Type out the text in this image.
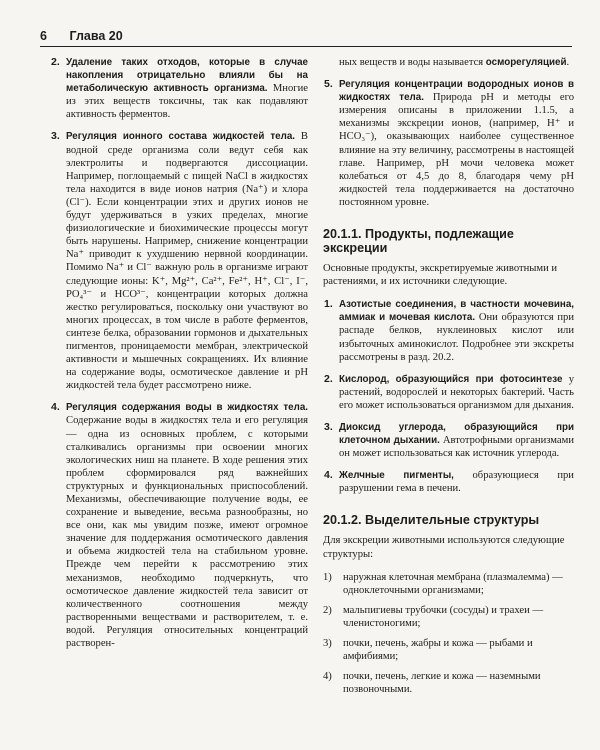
6 Глава 20
2. Удаление таких отходов, которые в случае накопления отрицательно влияли бы на метаболическую активность организма. Многие из этих веществ токсичны, так как подавляют активность ферментов.
3. Регуляция ионного состава жидкостей тела. В водной среде организма соли ведут себя как электролиты и подвергаются диссоциации. Например, поглощаемый с пищей NaCl в жидкостях тела находится в виде ионов натрия (Na⁺) и хлора (Cl⁻). Если концентрации этих и других ионов не будут удерживаться в узких пределах, многие физиологические и биохимические процессы могут быть нарушены. Например, снижение концентрации Na⁺ приводит к ухудшению нервной координации. Помимо Na⁺ и Cl⁻ важную роль в организме играют следующие ионы: K⁺, Mg²⁺, Ca²⁺, Fe²⁺, H⁺, Cl⁻, I⁻, PO₄³⁻ и HCO³⁻, концентрации которых должна жестко регулироваться, поскольку они участвуют во многих процессах, в том числе в работе ферментов, синтезе белка, образовании гормонов и дыхательных пигментов, проницаемости мембран, электрической активности и мышечных сокращениях. Их влияние на содержание воды, осмотическое давление и pH жидкостей тела будет рассмотрено ниже.
4. Регуляция содержания воды в жидкостях тела. Содержание воды в жидкостях тела и его регуляция — одна из основных проблем, с которыми сталкивались организмы при освоении многих экологических ниш на планете. В ходе решения этих проблем сформировался ряд важнейших структурных и функциональных приспособлений. Механизмы, обеспечивающие получение воды, ее сохранение и выведение, весьма разнообразны, но все они, как мы увидим позже, имеют огромное значение для поддержания осмотического давления и объема жидкостей тела на стабильном уровне. Прежде чем перейти к рассмотрению этих механизмов, необходимо подчеркнуть, что осмотическое давление жидкостей тела зависит от количественного соотношения между растворенными веществами и растворителем, т. е. водой. Регуляция относительных концентраций растворен-
ных веществ и воды называется осморегуляцией.
5. Регуляция концентрации водородных ионов в жидкостях тела. Природа pH и методы его измерения описаны в приложении 1.1.5, а механизмы экскреции ионов, (например, H⁺ и HCO₃⁻), оказывающих наиболее существенное влияние на эту величину, рассмотрены в настоящей главе. Например, pH мочи человека может колебаться от 4,5 до 8, благодаря чему pH жидкостей тела поддерживается на достаточно постоянном уровне.
20.1.1. Продукты, подлежащие экскреции
Основные продукты, экскретируемые животными и растениями, и их источники следующие.
1. Азотистые соединения, в частности мочевина, аммиак и мочевая кислота. Они образуются при распаде белков, нуклеиновых кислот или избыточных аминокислот. Подробнее эти экскреты рассмотрены в разд. 20.2.
2. Кислород, образующийся при фотосинтезе у растений, водорослей и некоторых бактерий. Часть его может использоваться организмом для дыхания.
3. Диоксид углерода, образующийся при клеточном дыхании. Автотрофными организмами он может использоваться как источник углерода.
4. Желчные пигменты, образующиеся при разрушении гема в печени.
20.1.2. Выделительные структуры
Для экскреции животными используются следующие структуры:
1) наружная клеточная мембрана (плазмалемма) — одноклеточными организмами;
2) мальпигиевы трубочки (сосуды) и трахеи — членистоногими;
3) почки, печень, жабры и кожа — рыбами и амфибиями;
4) почки, печень, легкие и кожа — наземными позвоночными.
